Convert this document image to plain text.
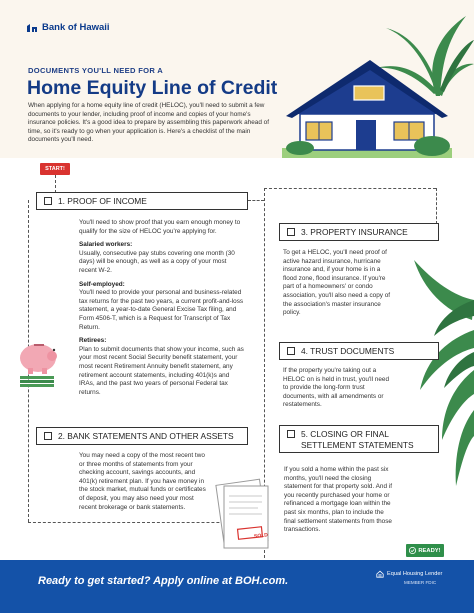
Bank of Hawaii
DOCUMENTS YOU'LL NEED FOR A
Home Equity Line of Credit
When applying for a home equity line of credit (HELOC), you'll need to submit a few documents to your lender, including proof of income and copies of your home's insurance policies. It's a good idea to prepare by assembling this paperwork ahead of time, so it's ready to go when your application is. Here's a checklist of the main documents you'll need.
START!
1. PROOF OF INCOME

You'll need to show proof that you earn enough money to qualify for the size of HELOC you're applying for.

Salaried workers:

Usually, consecutive pay stubs covering one month (30 days) will be enough, as well as a copy of your most recent W-2.

Self-employed:

You'll need to provide your personal and business-related tax returns for the past two years, a current profit-and-loss statement, a year-to-date General Excise Tax filing, and Form 4506-T, which is a Request for Transcript of Tax Return.

Retirees:

Plan to submit documents that show your income, such as your most recent Social Security benefit statement, your most recent Retirement Annuity benefit statement, any retirement account statements, including 401(k)s and IRAs, and the past two years of personal Federal tax returns.

2. BANK STATEMENTS AND OTHER ASSETS

You may need a copy of the most recent two or three months of statements from your checking account, savings accounts, and 401(k) retirement plan. If you have money in the stock market, mutual funds or certificates of deposit, you may also need your most recent brokerage or bank statements.

SOLD
3. PROPERTY INSURANCE

To get a HELOC, you'll need proof of active hazard insurance, hurricane insurance and, if your home is in a flood zone, flood insurance. If you're part of a homeowners' or condo association, you'll also need a copy of the association's master insurance policy.

4. TRUST DOCUMENTS

If the property you're taking out a HELOC on is held in trust, you'll need to provide the long-form trust documents, with all amendments or restatements.

5. CLOSING OR FINAL
SETTLEMENT STATEMENTS

If you sold a home within the past six months, you'll need the closing statement for that property sold. And if you recently purchased your home or refinanced a mortgage loan within the past six months, plan to include the final settlement statements from those transactions.

READY!
Ready to get started? Apply online at BOH.com.
Equal Housing Lender
MEMBER FDIC
